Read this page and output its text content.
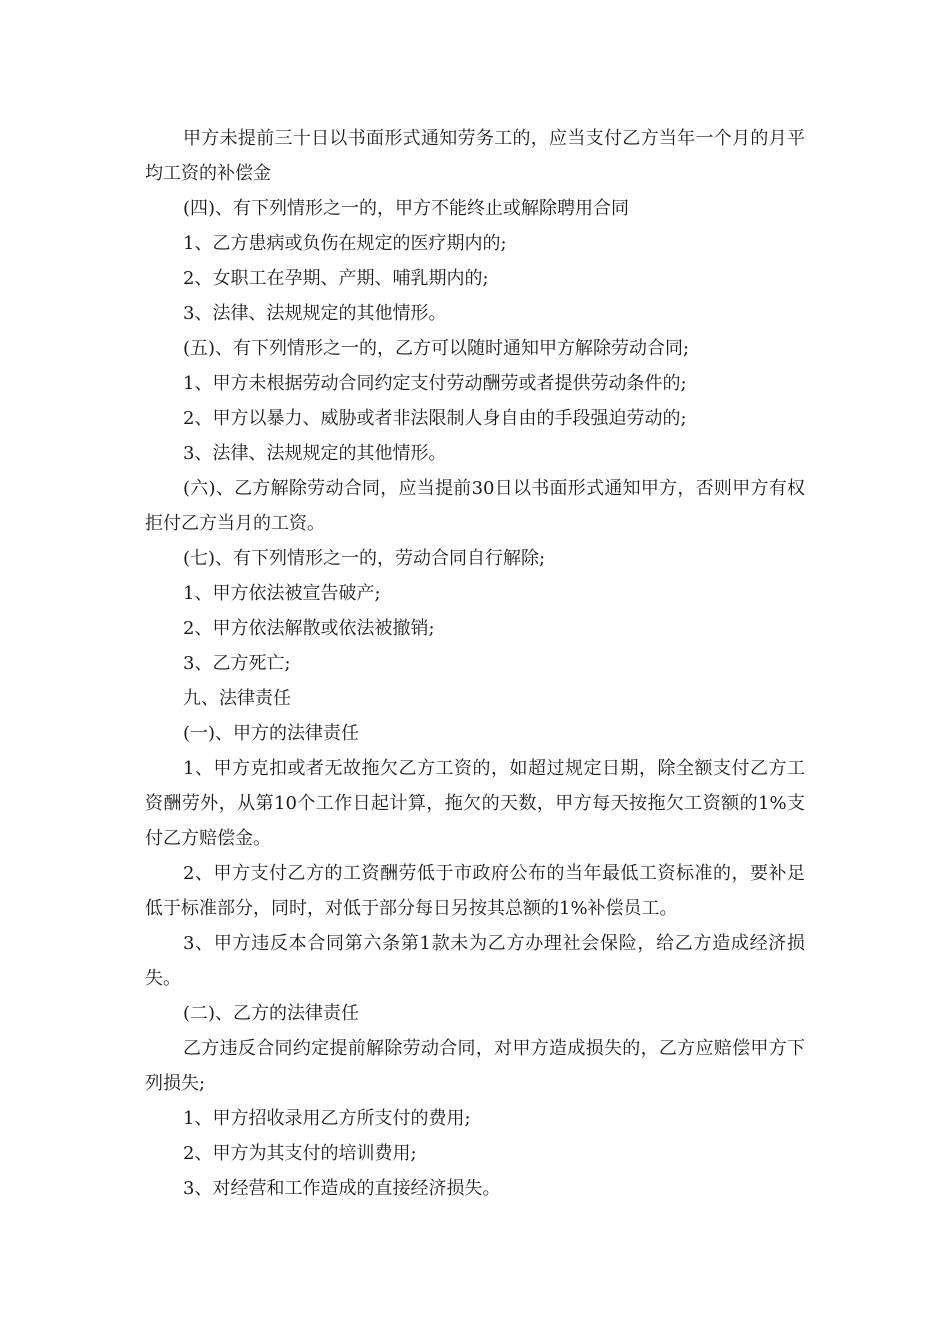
甲方未提前三十日以书面形式通知劳务工的，应当支付乙方当年一个月的月平均工资的补偿金

(四)、有下列情形之一的，甲方不能终止或解除聘用合同

1、乙方患病或负伤在规定的医疗期内的;

2、女职工在孕期、产期、哺乳期内的;

3、法律、法规规定的其他情形。

(五)、有下列情形之一的，乙方可以随时通知甲方解除劳动合同;

1、甲方未根据劳动合同约定支付劳动酬劳或者提供劳动条件的;

2、甲方以暴力、威胁或者非法限制人身自由的手段强迫劳动的;

3、法律、法规规定的其他情形。

(六)、乙方解除劳动合同，应当提前30日以书面形式通知甲方，否则甲方有权拒付乙方当月的工资。

(七)、有下列情形之一的，劳动合同自行解除;

1、甲方依法被宣告破产;

2、甲方依法解散或依法被撤销;

3、乙方死亡;

九、法律责任

(一)、甲方的法律责任

1、甲方克扣或者无故拖欠乙方工资的，如超过规定日期，除全额支付乙方工资酬劳外，从第10个工作日起计算，拖欠的天数，甲方每天按拖欠工资额的1%支付乙方赔偿金。

2、甲方支付乙方的工资酬劳低于市政府公布的当年最低工资标准的，要补足低于标准部分，同时，对低于部分每日另按其总额的1%补偿员工。

3、甲方违反本合同第六条第1款未为乙方办理社会保险，给乙方造成经济损失。

(二)、乙方的法律责任

乙方违反合同约定提前解除劳动合同，对甲方造成损失的，乙方应赔偿甲方下列损失;

1、甲方招收录用乙方所支付的费用;

2、甲方为其支付的培训费用;

3、对经营和工作造成的直接经济损失。
